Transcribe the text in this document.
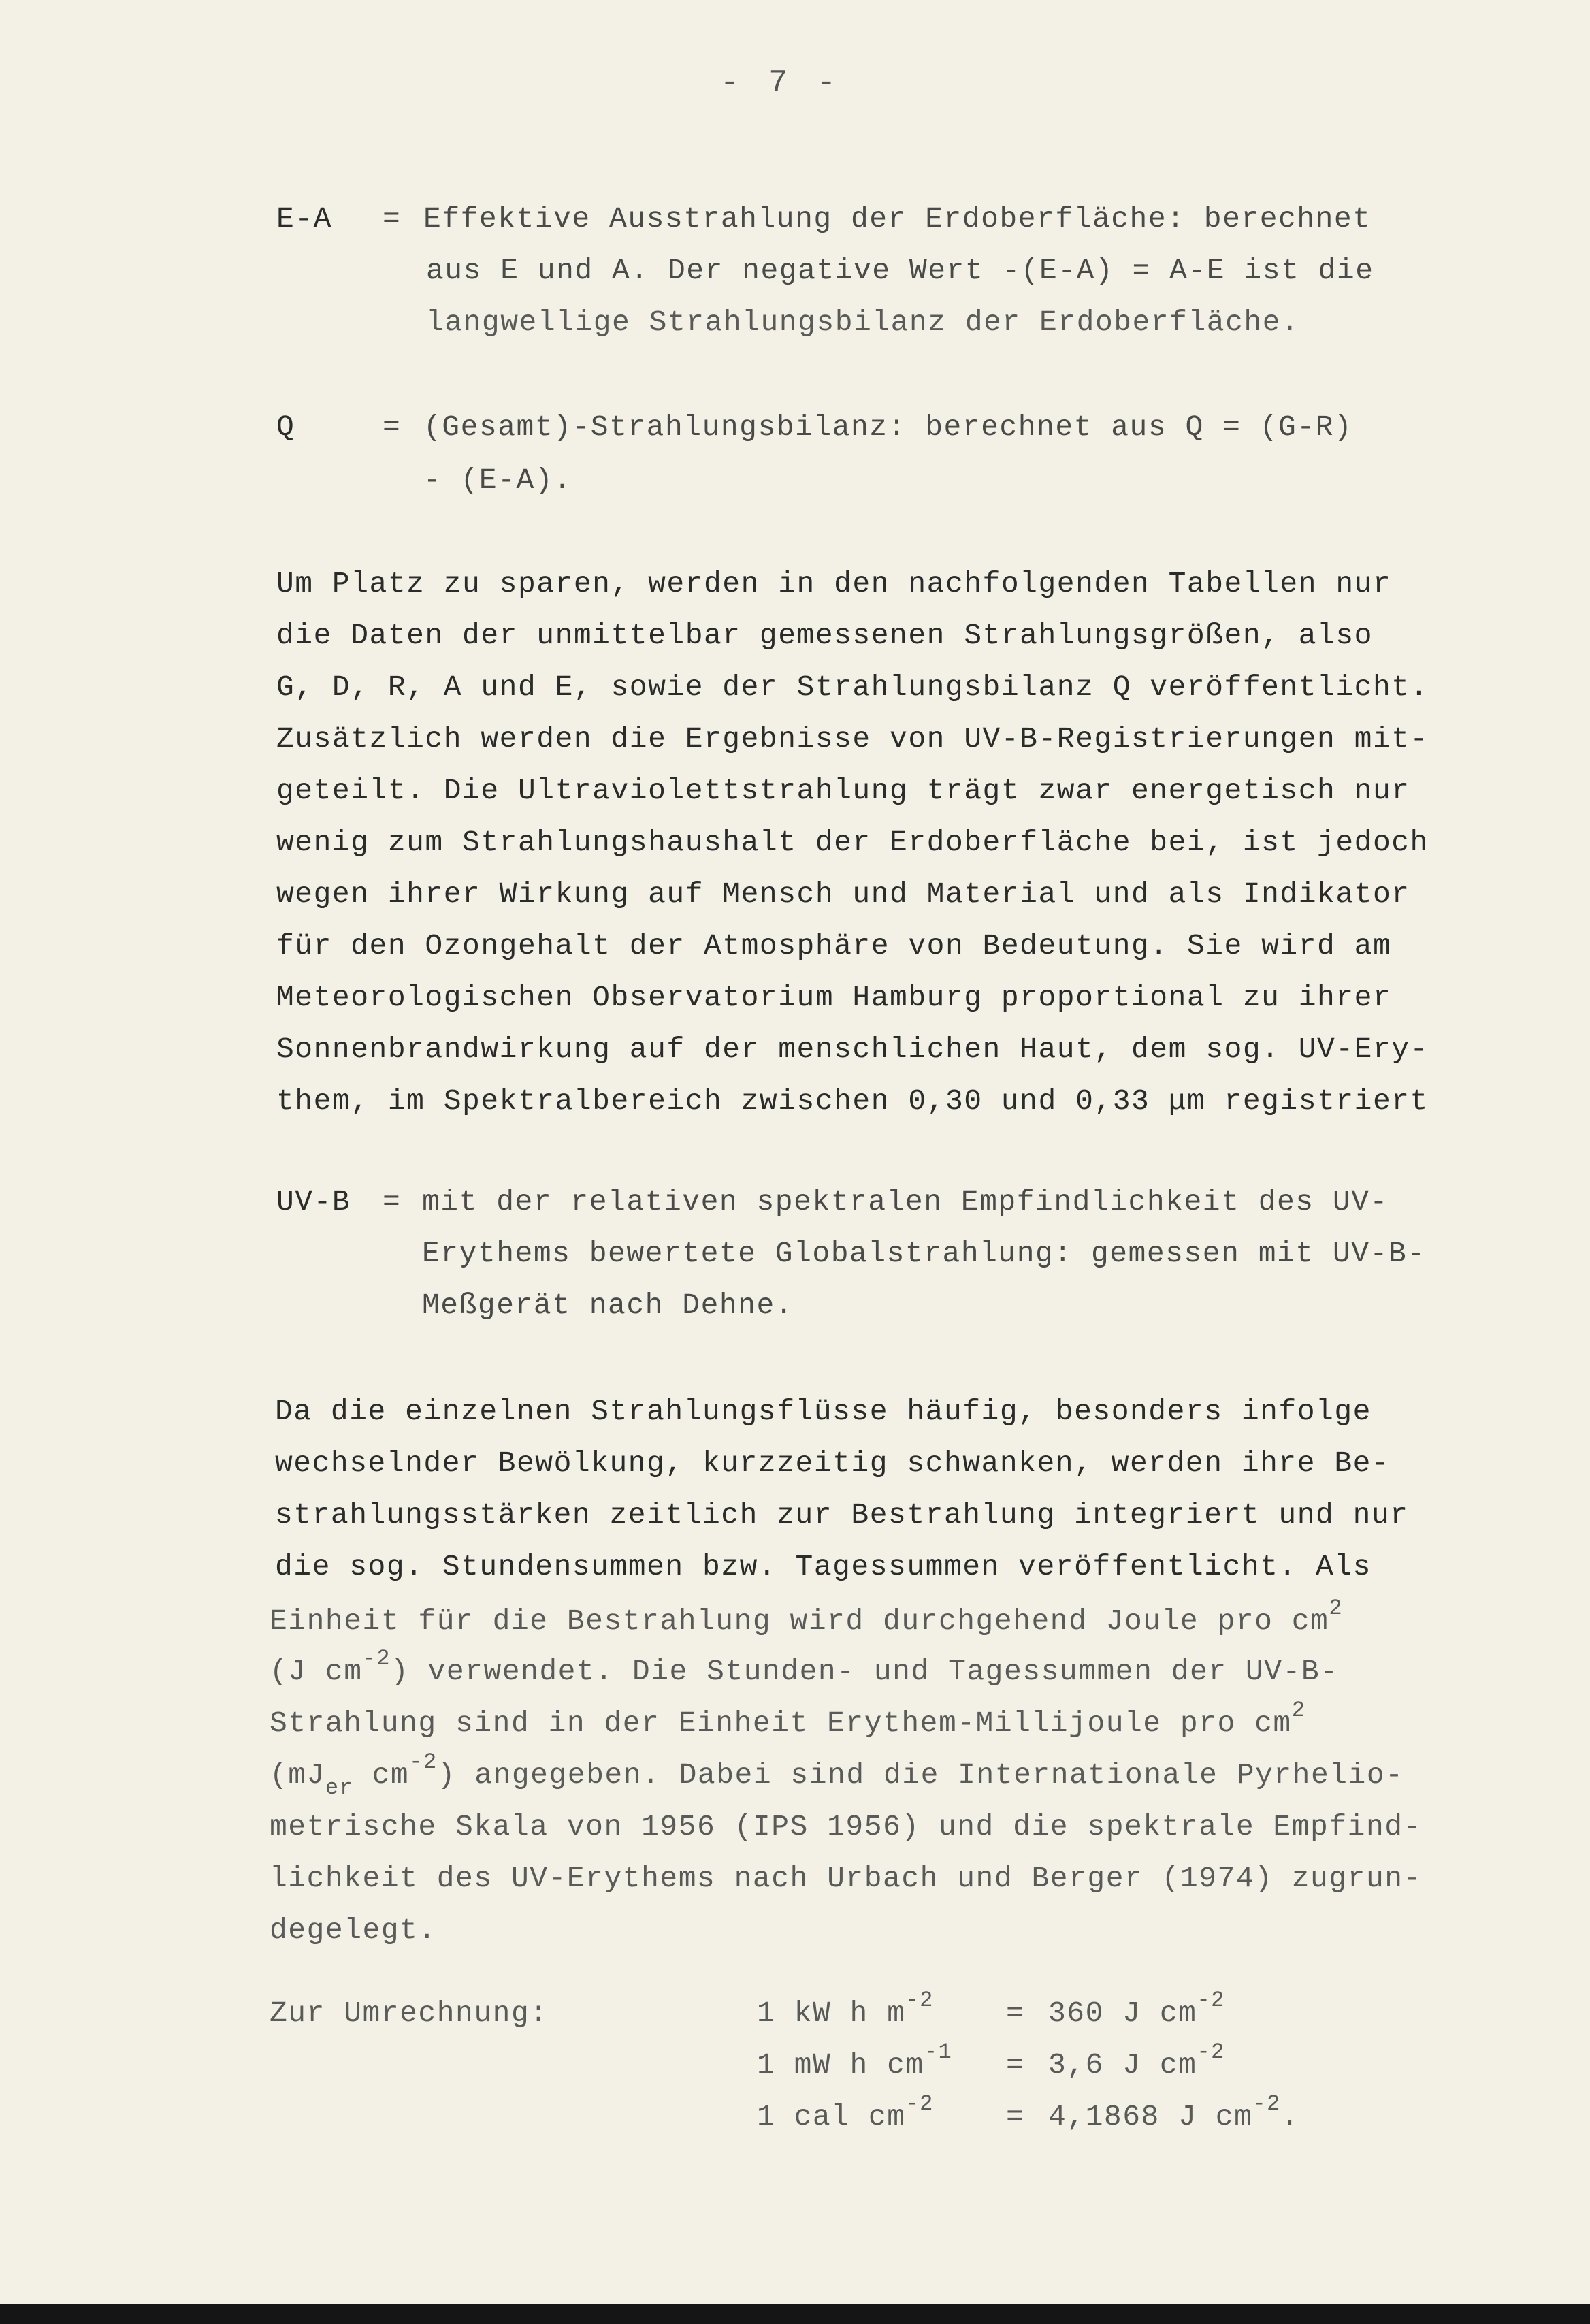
- 7 -
E-A = Effektive Ausstrahlung der Erdoberfläche: berechnet
aus E und A. Der negative Wert -(E-A) = A-E ist die
langwellige Strahlungsbilanz der Erdoberfläche.
Q	= (Gesamt)-Strahlungsbilanz: berechnet aus Q = (G-R)
- (E-A).
Um Platz zu sparen, werden in den nachfolgenden Tabellen nur
die Daten der unmittelbar gemessenen Strahlungsgrößen, also
G, D, R, A und E, sowie der Strahlungsbilanz Q veröffentlicht.
Zusätzlich werden die Ergebnisse von UV-B-Registrierungen mit-
geteilt. Die Ultraviolettstrahlung trägt zwar energetisch nur
wenig zum Strahlungshaushalt der Erdoberfläche bei, ist jedoch
wegen ihrer Wirkung auf Mensch und Material und als Indikator
für den Ozongehalt der Atmosphäre von Bedeutung. Sie wird am
Meteorologischen Observatorium Hamburg proportional zu ihrer
Sonnenbrandwirkung auf der menschlichen Haut, dem sog. UV-Ery-
them, im Spektralbereich zwischen 0,30 und 0,33 μm registriert
UV-B = mit der relativen spektralen Empfindlichkeit des UV-
Erythems bewertete Globalstrahlung: gemessen mit UV-B-
Meßgerät nach Dehne.
Da die einzelnen Strahlungsflüsse häufig, besonders infolge
wechselnder Bewölkung, kurzzeitig schwanken, werden ihre Be-
strahlungsstärken zeitlich zur Bestrahlung integriert und nur
die sog. Stundensummen bzw. Tagessummen veröffentlicht. Als
Einheit für die Bestrahlung wird durchgehend Joule pro $cm^2$
(J $cm^{-2}$) verwendet. Die Stunden- und Tagessummen der UV-B-
Strahlung sind in der Einheit Erythem-Millijoule pro $cm^2$
($mJ_{er}$ $cm^{-2}$) angegeben. Dabei sind die Internationale Pyrhelio-
metrische Skala von 1956 (IPS 1956) und die spektrale Empfind-
lichkeit des UV-Erythems nach Urbach und Berger (1974) zugrun-
degelegt.
Zur Umrechnung:	1 kW h $m^{-2} = 360$ J $cm^{-2}$
1 mW h $cm^{-1} = 3,6$ J $cm^{-2}$
1 cal $cm^{-2} = 4,1868$ J $cm^{-2}$.
